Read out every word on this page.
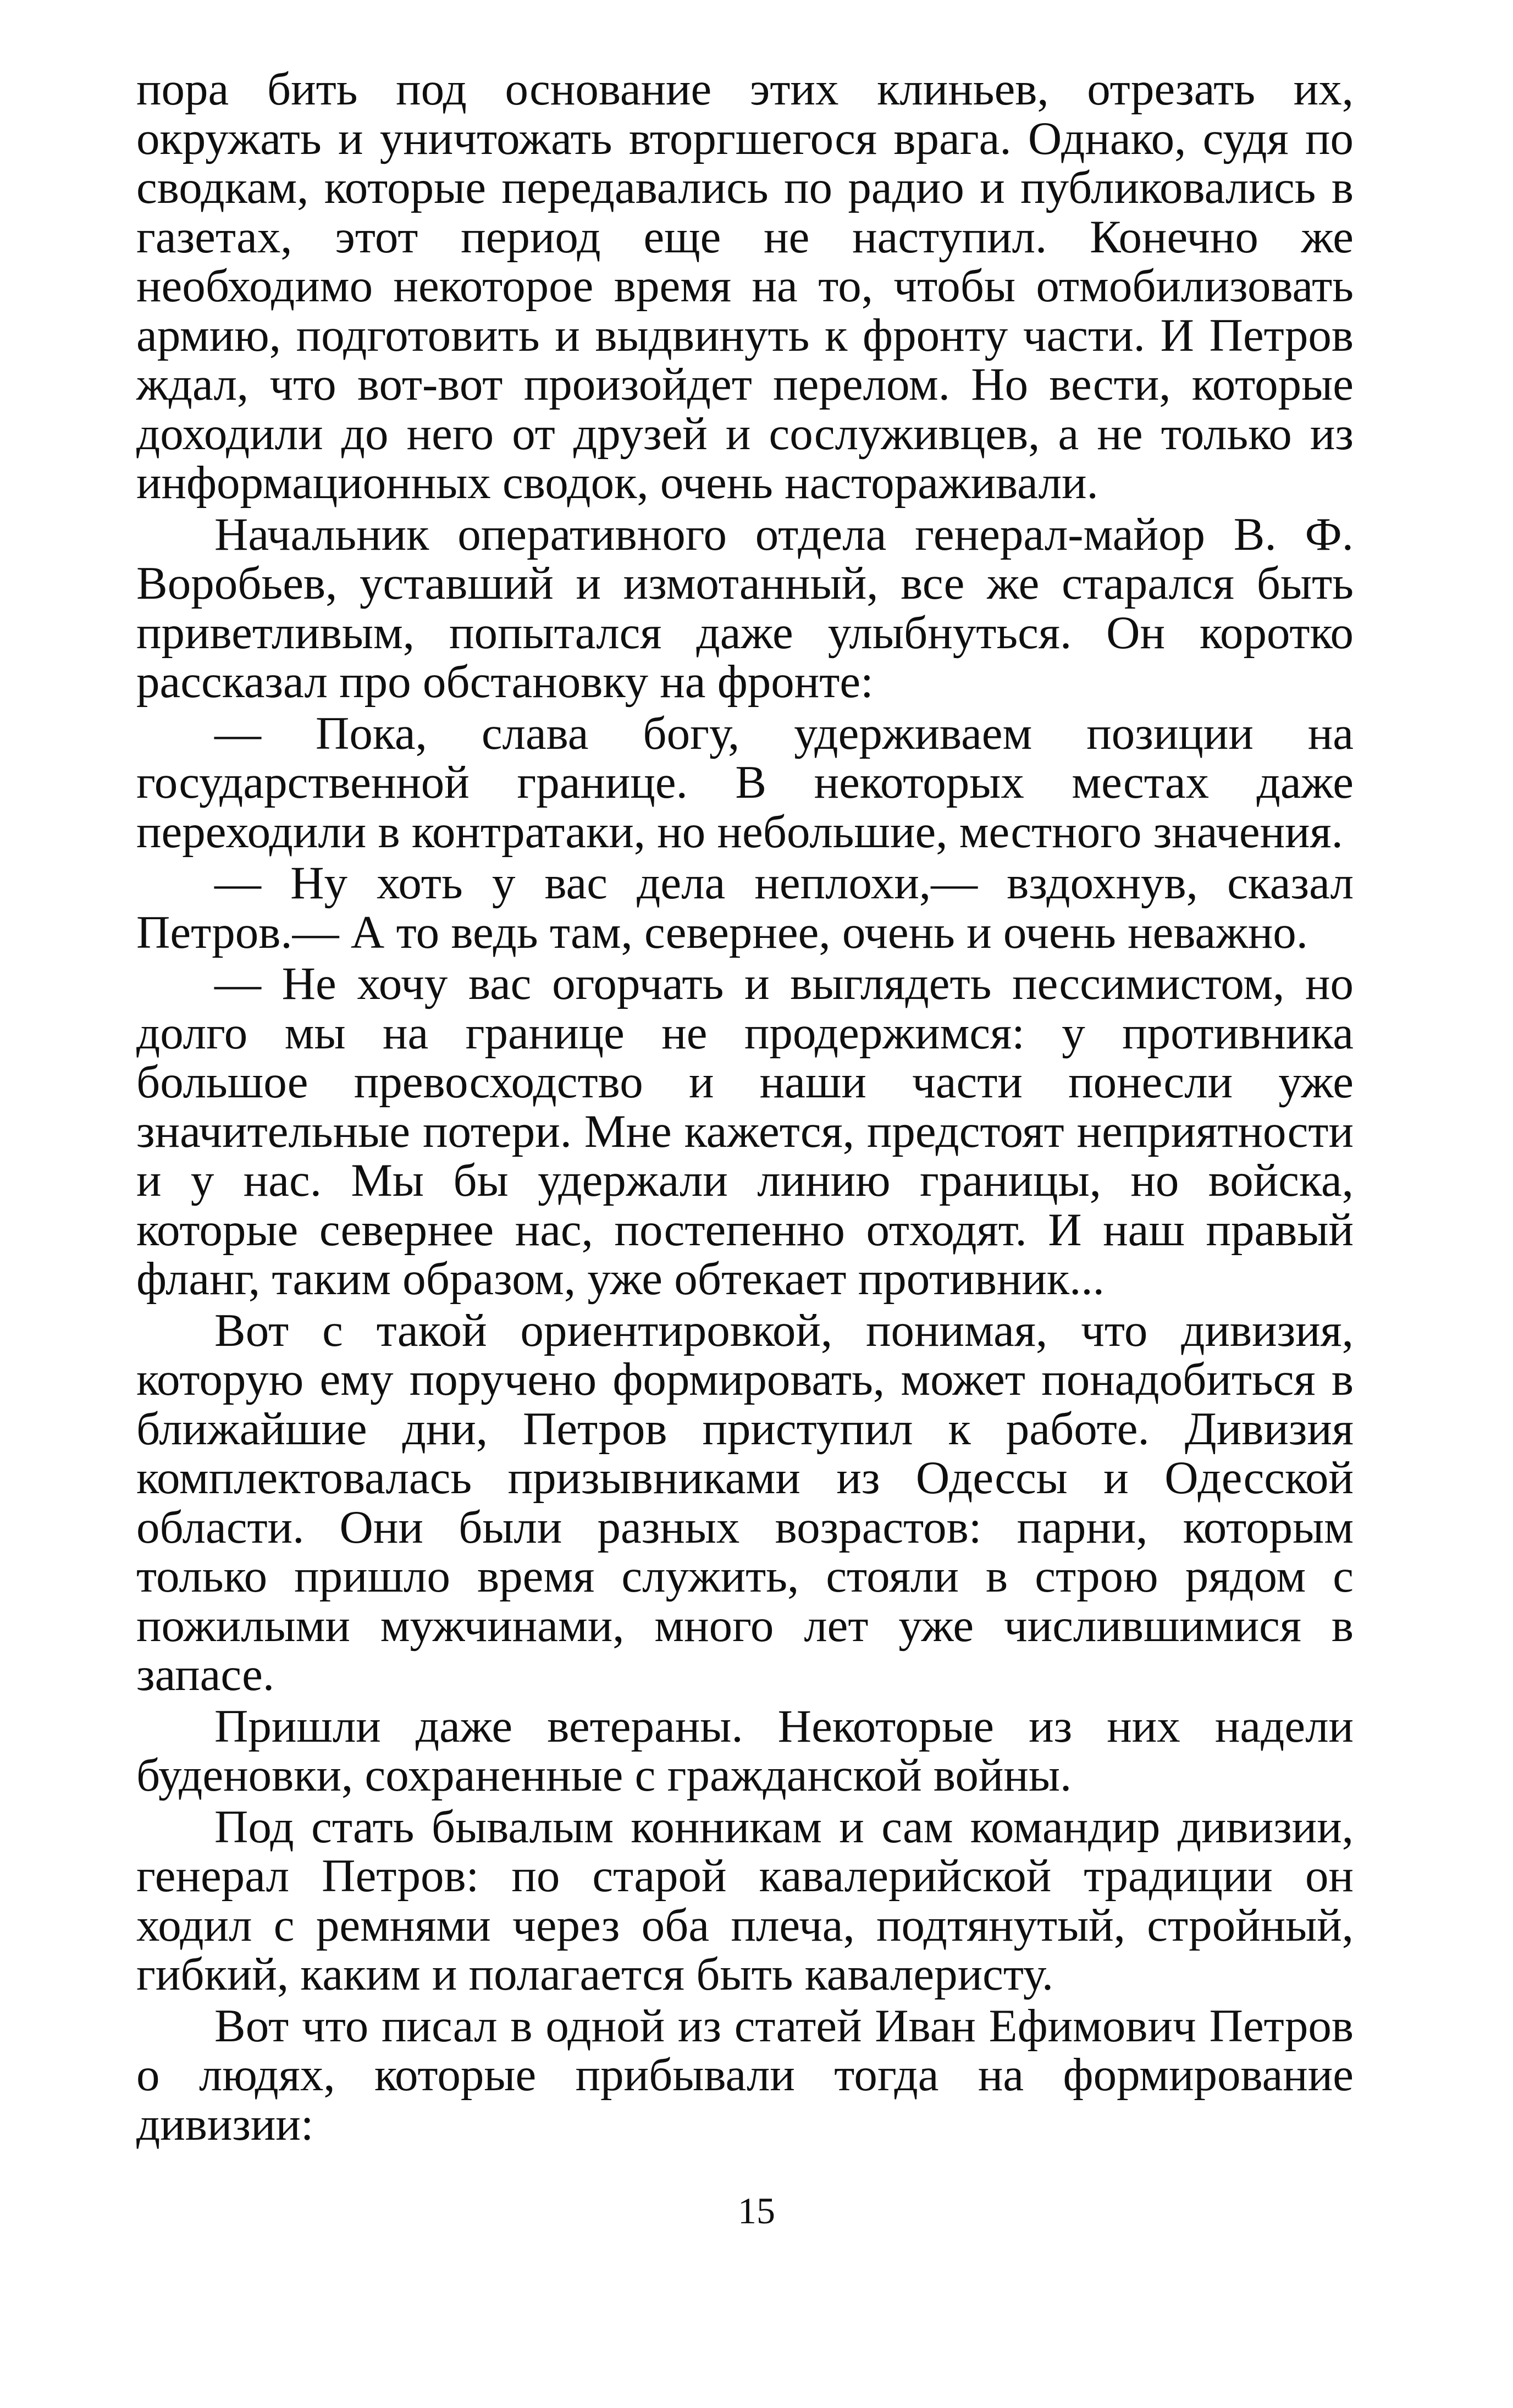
пора бить под основание этих клиньев, отрезать их, окружать и уничтожать вторгшегося врага. Однако, судя по сводкам, которые передавались по радио и публиковались в газетах, этот период еще не наступил. Конечно же необходимо некоторое время на то, чтобы отмобилизовать армию, подготовить и выдвинуть к фронту части. И Петров ждал, что вот-вот произойдет перелом. Но вести, которые доходили до него от друзей и сослуживцев, а не только из информационных сводок, очень настораживали.

Начальник оперативного отдела генерал-майор В. Ф. Воробьев, уставший и измотанный, все же старался быть приветливым, попытался даже улыбнуться. Он коротко рассказал про обстановку на фронте:

— Пока, слава богу, удерживаем позиции на государственной границе. В некоторых местах даже переходили в контратаки, но небольшие, местного значения.

— Ну хоть у вас дела неплохи,— вздохнув, сказал Петров.— А то ведь там, севернее, очень и очень неважно.

— Не хочу вас огорчать и выглядеть пессимистом, но долго мы на границе не продержимся: у противника большое превосходство и наши части понесли уже значительные потери. Мне кажется, предстоят неприятности и у нас. Мы бы удержали линию границы, но войска, которые севернее нас, постепенно отходят. И наш правый фланг, таким образом, уже обтекает противник...

Вот с такой ориентировкой, понимая, что дивизия, которую ему поручено формировать, может понадобиться в ближайшие дни, Петров приступил к работе. Дивизия комплектовалась призывниками из Одессы и Одесской области. Они были разных возрастов: парни, которым только пришло время служить, стояли в строю рядом с пожилыми мужчинами, много лет уже числившимися в запасе.

Пришли даже ветераны. Некоторые из них надели буденовки, сохраненные с гражданской войны.

Под стать бывалым конникам и сам командир дивизии, генерал Петров: по старой кавалерийской традиции он ходил с ремнями через оба плеча, подтянутый, стройный, гибкий, каким и полагается быть кавалеристу.

Вот что писал в одной из статей Иван Ефимович Петров о людях, которые прибывали тогда на формирование дивизии:

15
